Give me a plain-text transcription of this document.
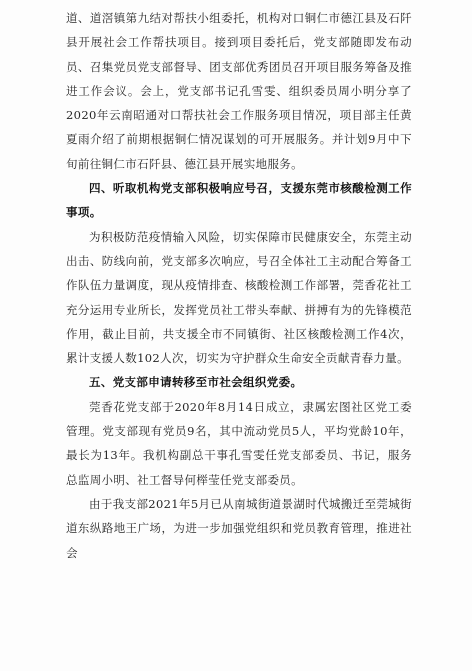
道、道滘镇第九结对帮扶小组委托，机构对口铜仁市德江县及石阡县开展社会工作帮扶项目。接到项目委托后，党支部随即发布动员、召集党员党支部督导、团支部优秀团员召开项目服务筹备及推进工作会议。会上，党支部书记孔雪雯、组织委员周小明分享了2020年云南昭通对口帮扶社会工作服务项目情况，项目部主任黄夏雨介绍了前期根据铜仁情况谋划的可开展服务。并计划9月中下旬前往铜仁市石阡县、德江县开展实地服务。

四、听取机构党支部积极响应号召，支援东莞市核酸检测工作事项。

为积极防范疫情输入风险，切实保障市民健康安全，东莞主动出击、防线向前，党支部多次响应，号召全体社工主动配合筹备工作队伍力量调度，现从疫情排查、核酸检测工作部署，莞香花社工充分运用专业所长，发挥党员社工带头奉献、拼搏有为的先锋模范作用，截止目前，共支援全市不同镇街、社区核酸检测工作4次，累计支援人数102人次，切实为守护群众生命安全贡献青春力量。

五、党支部申请转移至市社会组织党委。

莞香花党支部于2020年8月14日成立，隶属宏图社区党工委管理。党支部现有党员9名，其中流动党员5人，平均党龄10年，最长为13年。我机构副总干事孔雪雯任党支部委员、书记，服务总监周小明、社工督导何榉莹任党支部委员。

由于我支部2021年5月已从南城街道景湖时代城搬迁至莞城街道东纵路地王广场，为进一步加强党组织和党员教育管理，推进社会
